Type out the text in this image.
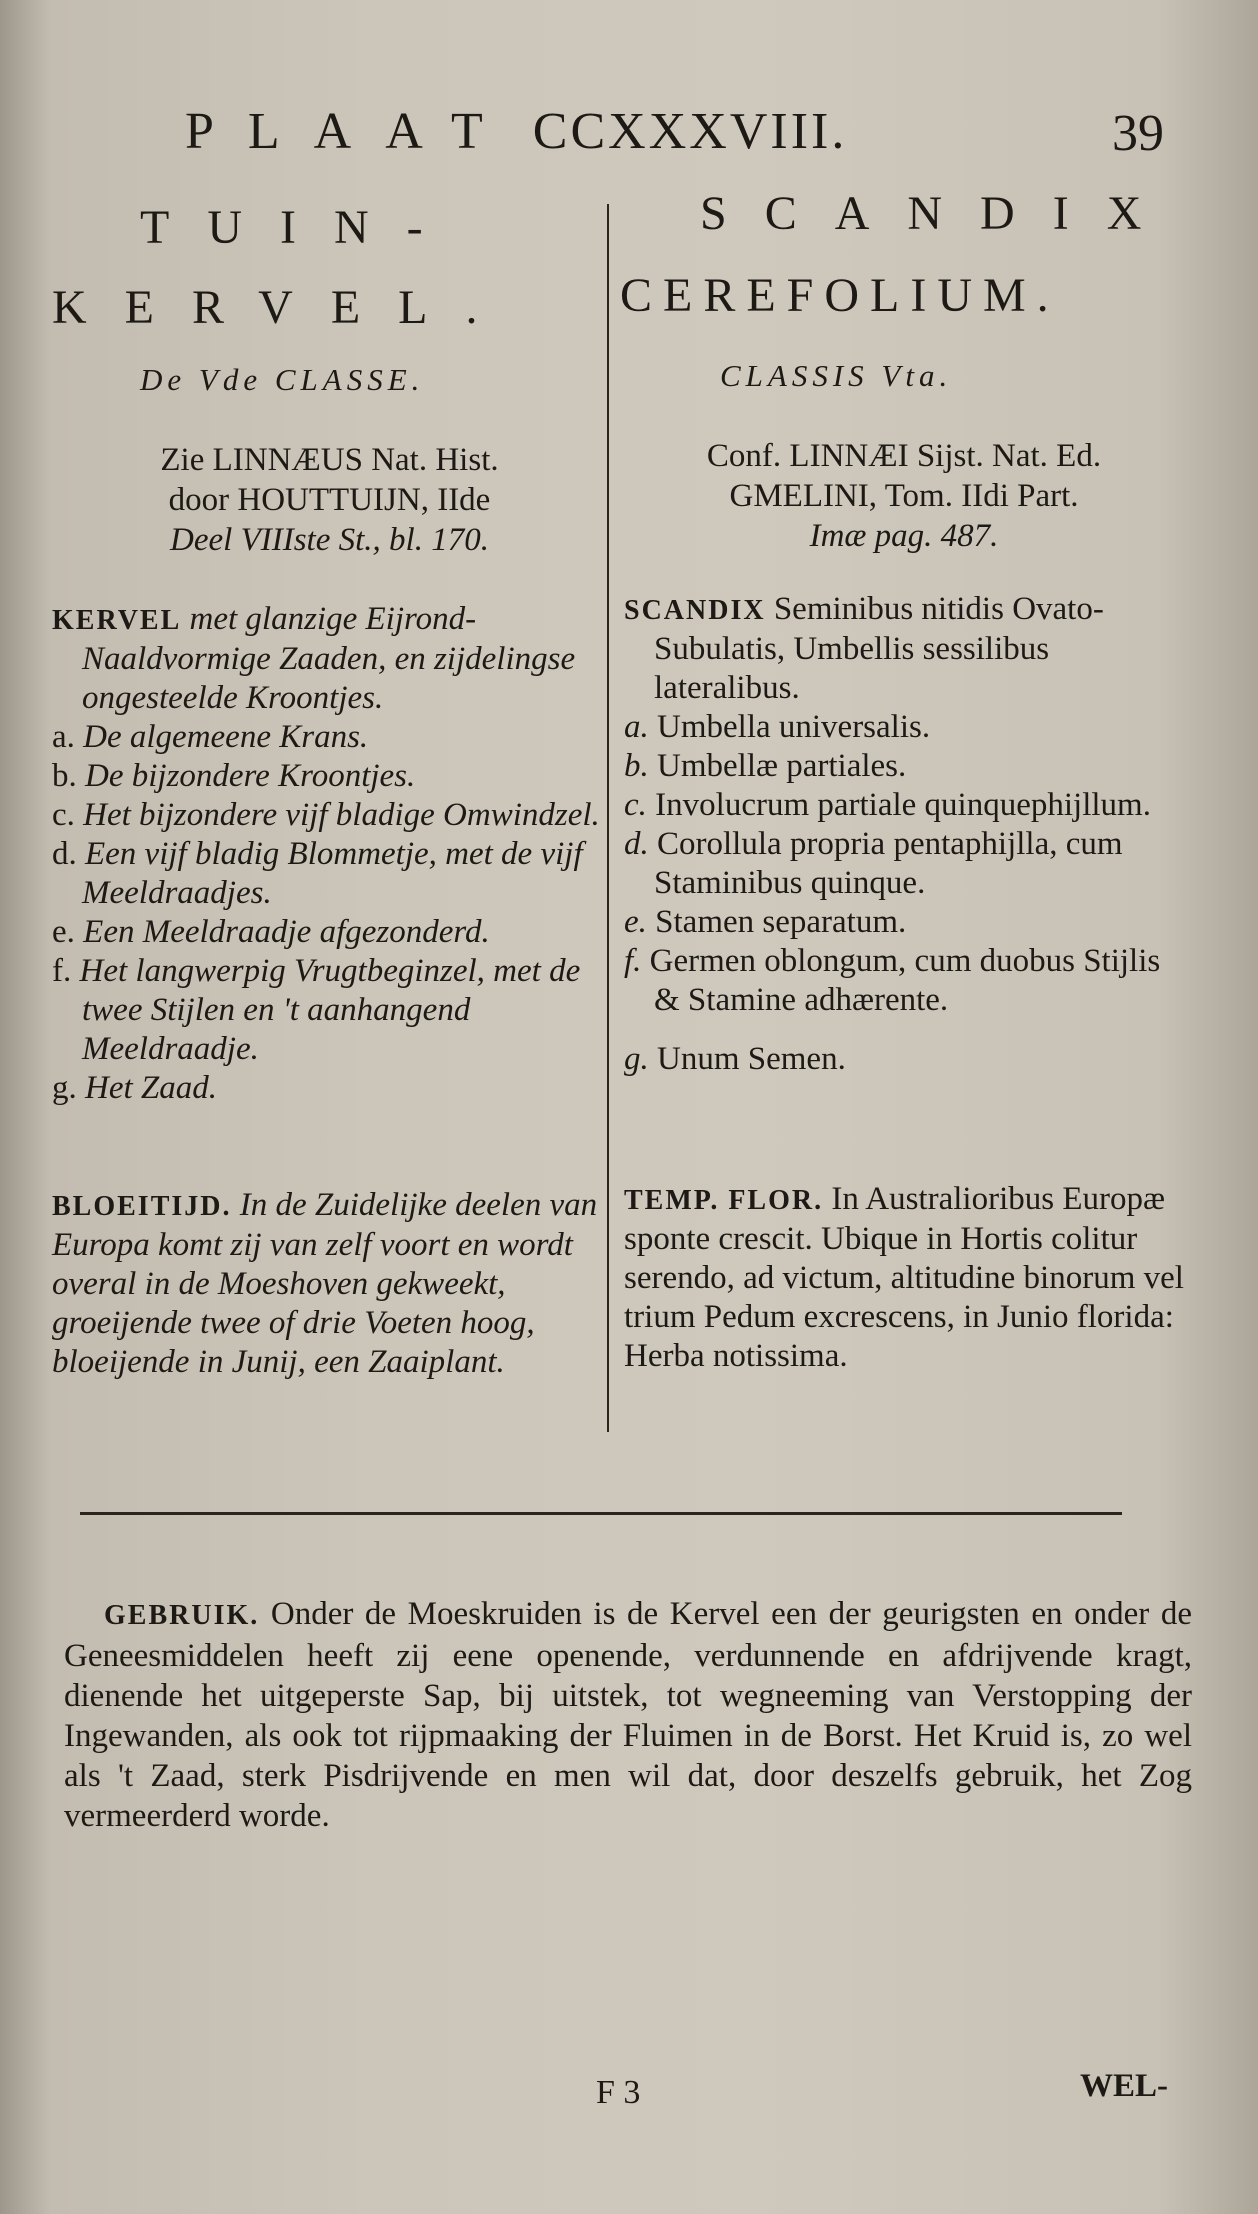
PLAAT CCXXXVIII.	39
TUIN-
KERVEL.
De Vde CLASSE.
Zie LINNÆUS Nat. Hist.
door HOUTTUIJN, IIde
Deel VIIIste St., bl. 170.

KERVEL met glanzige Eijrond-Naaldvormige Zaaden, en zijdelingse ongesteelde Kroontjes.

a. De algemeene Krans.

b. De bijzondere Kroontjes.

c. Het bijzondere vijf bladige Omwindzel.

d. Een vijf bladig Blommetje, met de vijf Meeldraadjes.

e. Een Meeldraadje afgezonderd.

f. Het langwerpig Vrugtbeginzel, met de twee Stijlen en 't aanhangend Meeldraadje.

g. Het Zaad.

BLOEITIJD. In de Zuidelijke deelen van Europa komt zij van zelf voort en wordt overal in de Moeshoven gekweekt, groeijende twee of drie Voeten hoog, bloeijende in Junij, een Zaaiplant.

SCANDIX
CEREFOLIUM.
CLASSIS Vta.
Conf. LINNÆI Sijst. Nat. Ed.
GMELINI, Tom. IIdi Part.
Imæ pag. 487.

SCANDIX Seminibus nitidis Ovato-Subulatis, Umbellis sessilibus lateralibus.

a. Umbella universalis.

b. Umbellæ partiales.

c. Involucrum partiale quinquephijllum.

d. Corollula propria pentaphijlla, cum Staminibus quinque.

e. Stamen separatum.

f. Germen oblongum, cum duobus Stijlis & Stamine adhærente.

g. Unum Semen.

TEMP. FLOR. In Australioribus Europæ sponte crescit. Ubique in Hortis colitur serendo, ad victum, altitudine binorum vel trium Pedum excrescens, in Junio florida: Herba notissima.

GEBRUIK. Onder de Moeskruiden is de Kervel een der geurigsten en onder de Geneesmiddelen heeft zij eene openende, verdunnende en afdrijvende kragt, dienende het uitgeperste Sap, bij uitstek, tot wegneeming van Verstopping der Ingewanden, als ook tot rijpmaaking der Fluimen in de Borst. Het Kruid is, zo wel als 't Zaad, sterk Pisdrijvende en men wil dat, door deszelfs gebruik, het Zog vermeerderd worde.
F 3	WEL-
